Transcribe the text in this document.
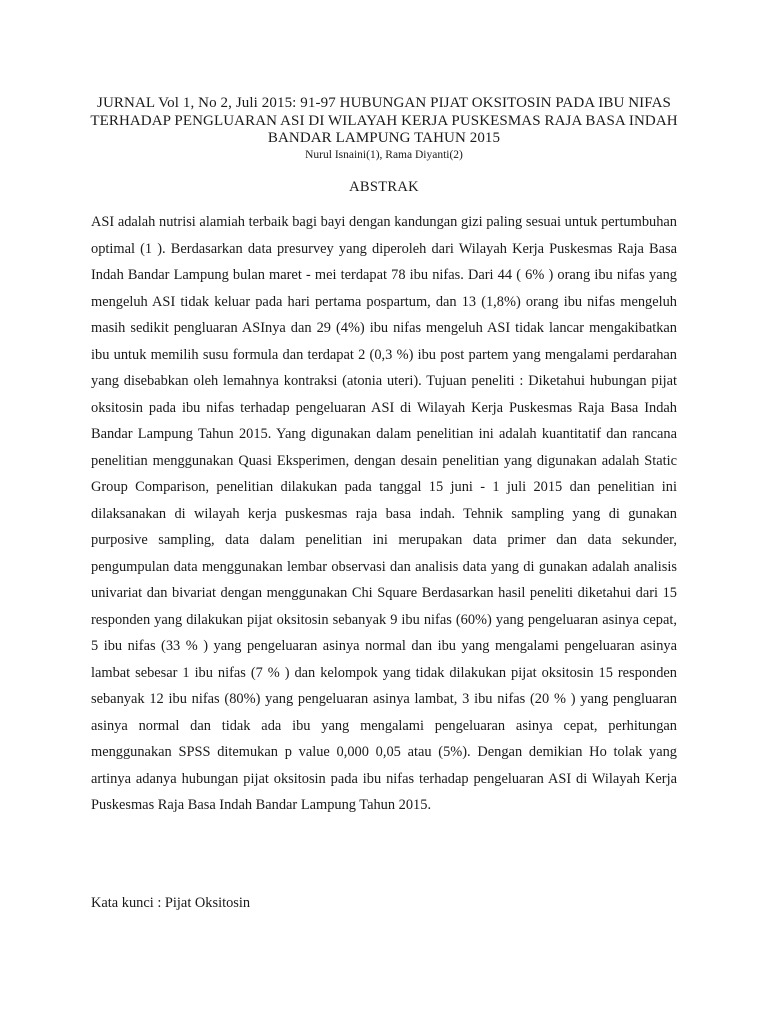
JURNAL Vol 1, No 2, Juli 2015: 91-97 HUBUNGAN PIJAT OKSITOSIN PADA IBU NIFAS TERHADAP PENGLUARAN ASI DI WILAYAH KERJA PUSKESMAS RAJA BASA INDAH BANDAR LAMPUNG TAHUN 2015
Nurul Isnaini(1), Rama Diyanti(2)
ABSTRAK
ASI adalah nutrisi alamiah terbaik bagi bayi dengan kandungan gizi paling sesuai untuk pertumbuhan optimal (1 ). Berdasarkan data presurvey yang diperoleh dari Wilayah Kerja Puskesmas Raja Basa Indah Bandar Lampung bulan maret - mei terdapat 78 ibu nifas. Dari 44 ( 6% ) orang ibu nifas yang mengeluh ASI tidak keluar pada hari pertama pospartum, dan 13 (1,8%) orang ibu nifas mengeluh masih sedikit pengluaran ASInya dan 29 (4%) ibu nifas mengeluh ASI tidak lancar mengakibatkan ibu untuk memilih susu formula dan terdapat 2 (0,3 %) ibu post partem yang mengalami perdarahan yang disebabkan oleh lemahnya kontraksi (atonia uteri). Tujuan peneliti : Diketahui hubungan pijat oksitosin pada ibu nifas terhadap pengeluaran ASI di Wilayah Kerja Puskesmas Raja Basa Indah Bandar Lampung Tahun 2015. Yang digunakan dalam penelitian ini adalah kuantitatif dan rancana penelitian menggunakan Quasi Eksperimen, dengan desain penelitian yang digunakan adalah Static Group Comparison, penelitian dilakukan pada tanggal 15 juni - 1 juli 2015 dan penelitian ini dilaksanakan di wilayah kerja puskesmas raja basa indah. Tehnik sampling yang di gunakan purposive sampling, data dalam penelitian ini merupakan data primer dan data sekunder, pengumpulan data menggunakan lembar observasi dan analisis data yang di gunakan adalah analisis univariat dan bivariat dengan menggunakan Chi Square Berdasarkan hasil peneliti diketahui dari 15 responden yang dilakukan pijat oksitosin sebanyak 9 ibu nifas (60%) yang pengeluaran asinya cepat, 5 ibu nifas (33 % ) yang pengeluaran asinya normal dan ibu yang mengalami pengeluaran asinya lambat sebesar 1 ibu nifas (7 % ) dan kelompok yang tidak dilakukan pijat oksitosin 15 responden sebanyak 12 ibu nifas (80%) yang pengeluaran asinya lambat, 3 ibu nifas (20 % ) yang pengluaran asinya normal dan tidak ada ibu yang mengalami pengeluaran asinya cepat, perhitungan menggunakan SPSS ditemukan p value 0,000 0,05 atau (5%). Dengan demikian Ho tolak yang artinya adanya hubungan pijat oksitosin pada ibu nifas terhadap pengeluaran ASI di Wilayah Kerja Puskesmas Raja Basa Indah Bandar Lampung Tahun 2015.
Kata kunci : Pijat Oksitosin
